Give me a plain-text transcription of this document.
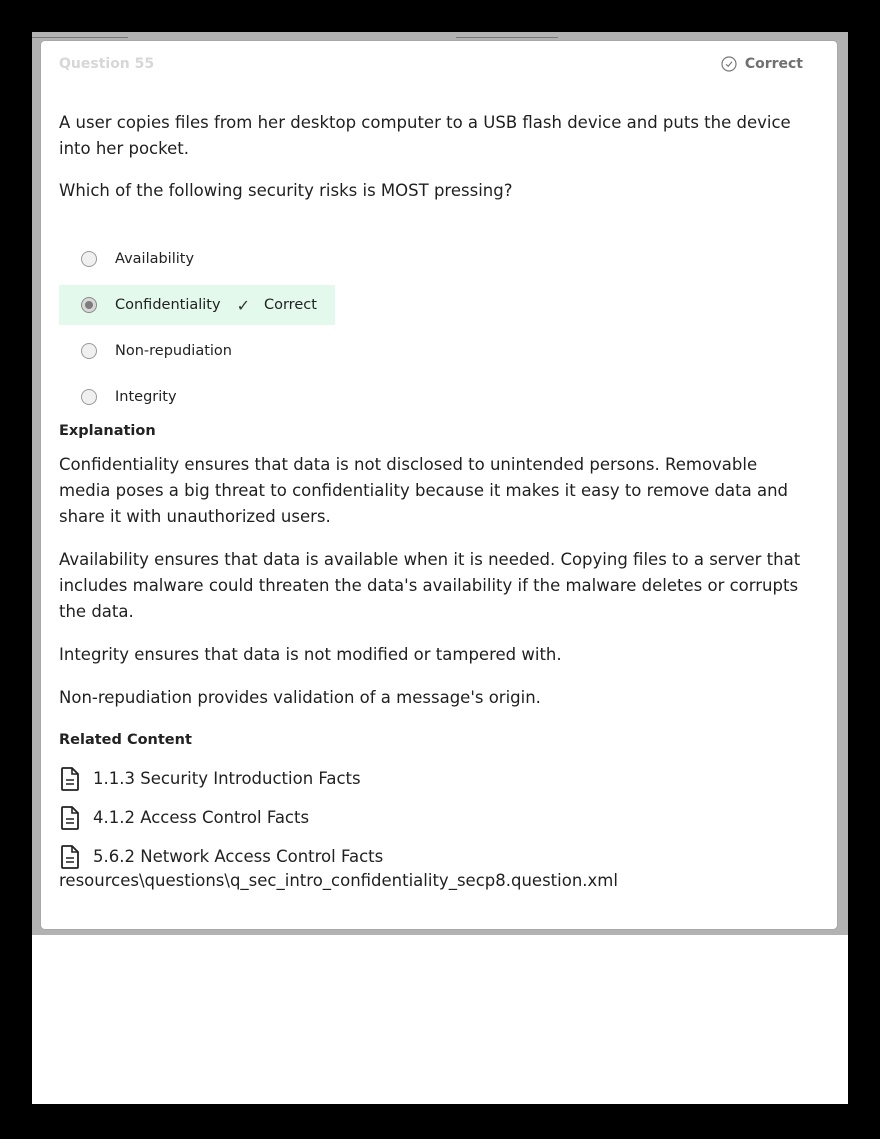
Question 55	Correct

A user copies files from her desktop computer to a USB flash device and puts the device into her pocket.

Which of the following security risks is MOST pressing?

Availability
Confidentiality ✓ Correct
Non-repudiation
Integrity
Explanation

Confidentiality ensures that data is not disclosed to unintended persons. Removable media poses a big threat to confidentiality because it makes it easy to remove data and share it with unauthorized users.

Availability ensures that data is available when it is needed. Copying files to a server that includes malware could threaten the data's availability if the malware deletes or corrupts the data.

Integrity ensures that data is not modified or tampered with.

Non-repudiation provides validation of a message's origin.

Related Content
1.1.3 Security Introduction Facts
4.1.2 Access Control Facts
5.6.2 Network Access Control Facts
resources\questions\q_sec_intro_confidentiality_secp8.question.xml
